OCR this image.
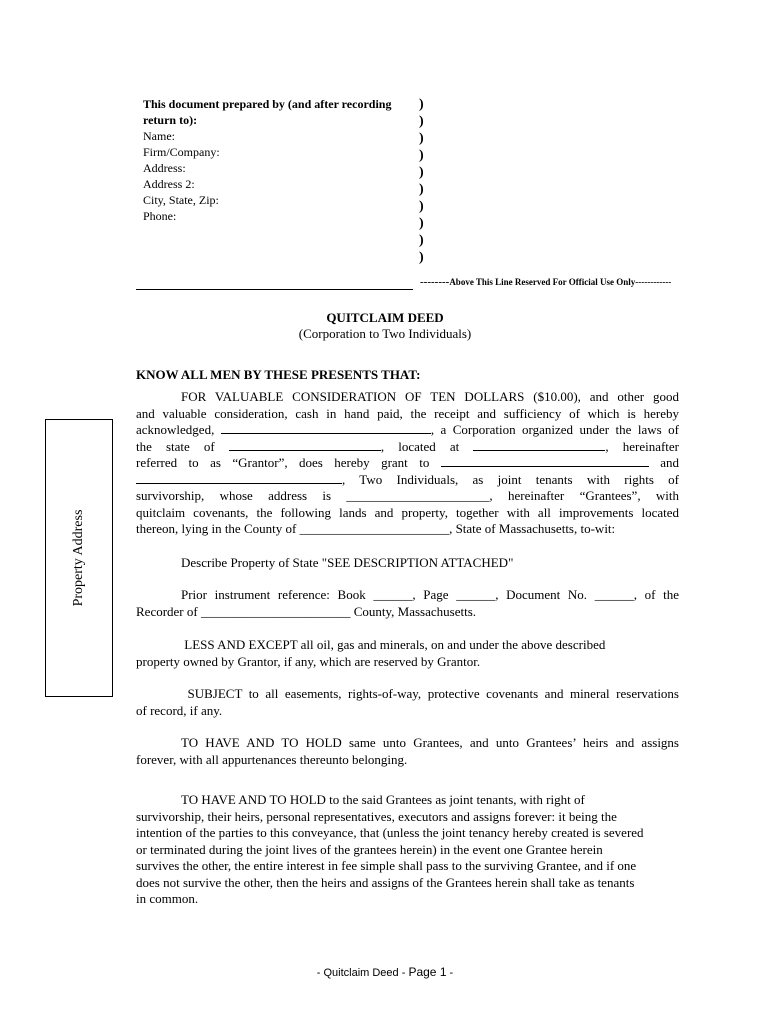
This document prepared by (and after recording return to):
Name:
Firm/Company:
Address:
Address 2:
City, State, Zip:
Phone:
)
)
)
)
)
)
)
)
)
)
--------Above This Line Reserved For Official Use Only------------
QUITCLAIM DEED
(Corporation to Two Individuals)
Property Address
KNOW ALL MEN BY THESE PRESENTS THAT:
FOR VALUABLE CONSIDERATION OF TEN DOLLARS ($10.00), and other good
and valuable consideration, cash in hand paid, the receipt and sufficiency of which is hereby
acknowledged,	, a Corporation organized under the laws of
the state of	, located at	, hereinafter
referred to as “Grantor”, does hereby grant to	and
, Two Individuals, as joint tenants with rights of
survivorship, whose address is ______________________, hereinafter “Grantees”, with
quitclaim covenants, the following lands and property, together with all improvements located
thereon, lying in the County of _______________________, State of Massachusetts, to-wit:
Describe Property of State "SEE DESCRIPTION ATTACHED"
Prior instrument reference: Book ______, Page ______, Document No. ______, of the
Recorder of _______________________ County, Massachusetts.
LESS AND EXCEPT all oil, gas and minerals, on and under the above described
property owned by Grantor, if any, which are reserved by Grantor.
SUBJECT to all easements, rights-of-way, protective covenants and mineral reservations
of record, if any.
TO HAVE AND TO HOLD same unto Grantees, and unto Grantees’ heirs and assigns
forever, with all appurtenances thereunto belonging.
TO HAVE AND TO HOLD to the said Grantees as joint tenants, with right of
survivorship, their heirs, personal representatives, executors and assigns forever: it being the
intention of the parties to this conveyance, that (unless the joint tenancy hereby created is severed
or terminated during the joint lives of the grantees herein) in the event one Grantee herein
survives the other, the entire interest in fee simple shall pass to the surviving Grantee, and if one
does not survive the other, then the heirs and assigns of the Grantees herein shall take as tenants
in common.
- Quitclaim Deed - Page 1 -
